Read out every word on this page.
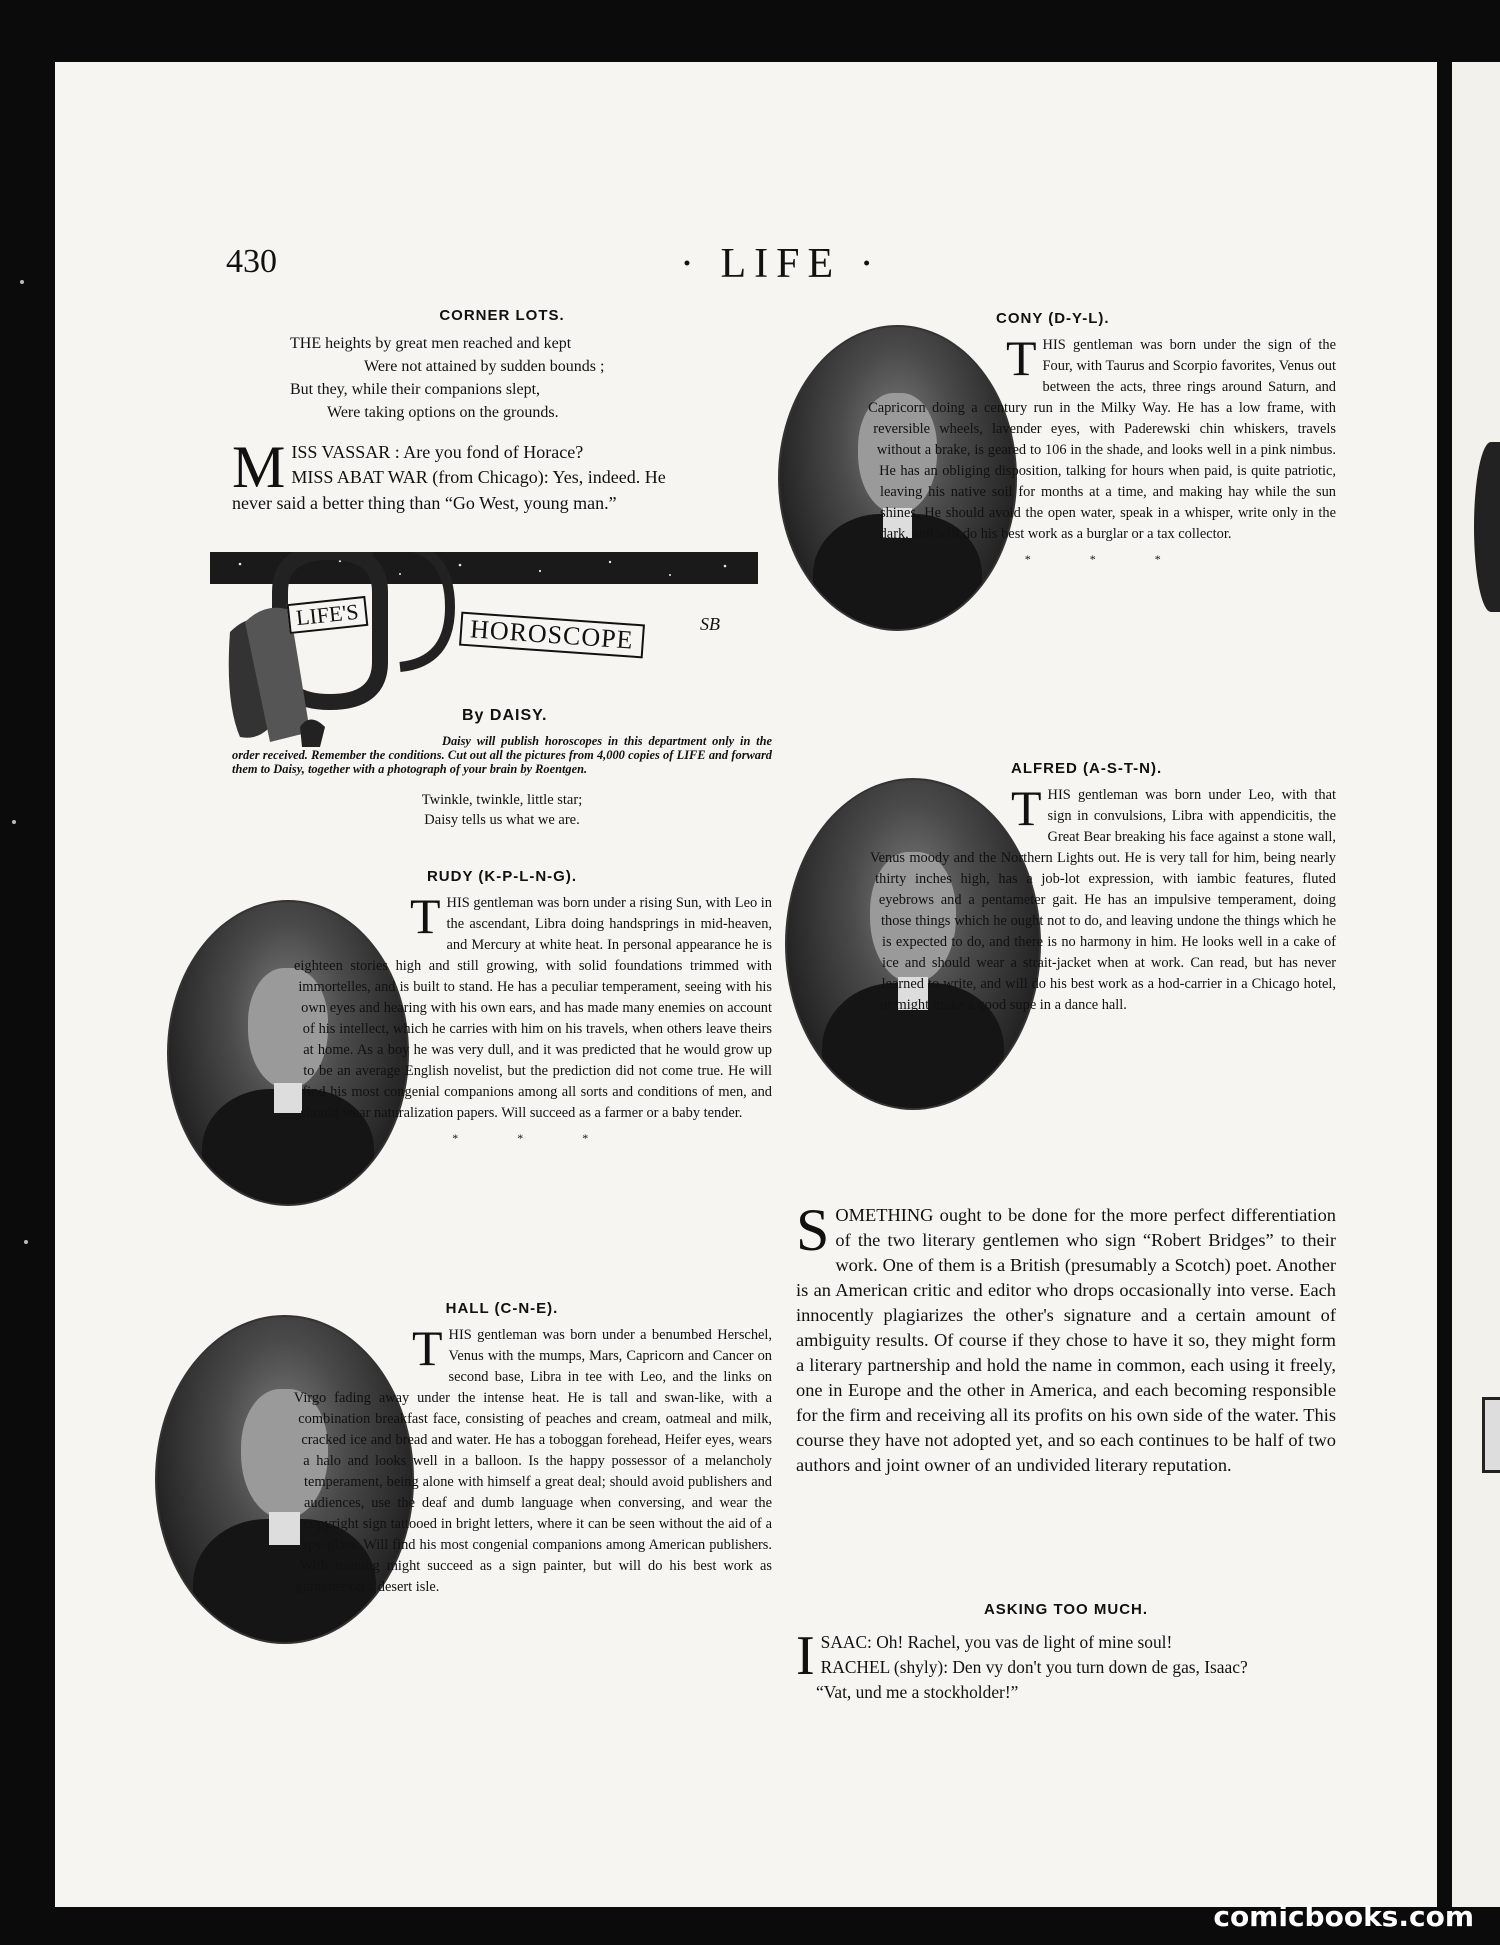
430	· LIFE ·
CORNER LOTS.
THE heights by great men reached and kept
Were not attained by sudden bounds ;
But they, while their companions slept,
Were taking options on the grounds.
M ISS VASSAR : Are you fond of Horace?
MISS ABAT WAR (from Chicago): Yes, indeed. He
never said a better thing than “Go West, young man.”
LIFE'S	HOROSCOPE	SB
By DAISY.

Daisy will publish horoscopes in this department only in the order received. Remember the conditions. Cut out all the pictures from 4,000 copies of LIFE and forward them to Daisy, together with a photograph of your brain by Roentgen.

Twinkle, twinkle, little star;
Daisy tells us what we are.
RUDY (K-P-L-N-G).

THIS gentleman was born under a rising Sun, with Leo in the ascendant, Libra doing handsprings in mid-heaven, and Mercury at white heat. In personal appearance he is eighteen stories high and still growing, with solid foundations trimmed with immortelles, and is built to stand. He has a peculiar temperament, seeing with his own eyes and hearing with his own ears, and has made many enemies on account of his intellect, which he carries with him on his travels, when others leave theirs at home. As a boy he was very dull, and it was predicted that he would grow up to be an average English novelist, but the prediction did not come true. He will find his most congenial companions among all sorts and conditions of men, and should wear naturalization papers. Will succeed as a farmer or a baby tender.

* * *
HALL (C-N-E).

THIS gentleman was born under a benumbed Herschel, Venus with the mumps, Mars, Capricorn and Cancer on second base, Libra in tee with Leo, and the links on Virgo fading away under the intense heat. He is tall and swan-like, with a combination breakfast face, consisting of peaches and cream, oatmeal and milk, cracked ice and bread and water. He has a toboggan forehead, Heifer eyes, wears a halo and looks well in a balloon. Is the happy possessor of a melancholy temperament, being alone with himself a great deal; should avoid publishers and audiences, use the deaf and dumb language when conversing, and wear the copyright sign tattooed in bright letters, where it can be seen without the aid of a spy-glass. Will find his most congenial companions among American publishers. With training might succeed as a sign painter, but will do his best work as gardener on a desert isle.

CONY (D-Y-L).

THIS gentleman was born under the sign of the Four, with Taurus and Scorpio favorites, Venus out between the acts, three rings around Saturn, and Capricorn doing a century run in the Milky Way. He has a low frame, with reversible wheels, lavender eyes, with Paderewski chin whiskers, travels without a brake, is geared to 106 in the shade, and looks well in a pink nimbus. He has an obliging disposition, talking for hours when paid, is quite patriotic, leaving his native soil for months at a time, and making hay while the sun shines. He should avoid the open water, speak in a whisper, write only in the dark, and will do his best work as a burglar or a tax collector.

* * *
ALFRED (A-S-T-N).

THIS gentleman was born under Leo, with that sign in convulsions, Libra with appendicitis, the Great Bear breaking his face against a stone wall, Venus moody and the Northern Lights out. He is very tall for him, being nearly thirty inches high, has a job-lot expression, with iambic features, fluted eyebrows and a pentameter gait. He has an impulsive temperament, doing those things which he ought not to do, and leaving undone the things which he is expected to do, and there is no harmony in him. He looks well in a cake of ice and should wear a strait-jacket when at work. Can read, but has never learned to write, and will do his best work as a hod-carrier in a Chicago hotel, or might make a good supe in a dance hall.

SOMETHING ought to be done for the more perfect differentiation of the two literary gentlemen who sign “Robert Bridges” to their work. One of them is a British (presumably a Scotch) poet. Another is an American critic and editor who drops occasionally into verse. Each innocently plagiarizes the other's signature and a certain amount of ambiguity results. Of course if they chose to have it so, they might form a literary partnership and hold the name in common, each using it freely, one in Europe and the other in America, and each becoming responsible for the firm and receiving all its profits on his own side of the water. This course they have not adopted yet, and so each continues to be half of two authors and joint owner of an undivided literary reputation.

ASKING TOO MUCH.
I SAAC: Oh! Rachel, you vas de light of mine soul!
RACHEL (shyly): Den vy don't you turn down de gas, Isaac?
“Vat, und me a stockholder!”
comicbooks.com
